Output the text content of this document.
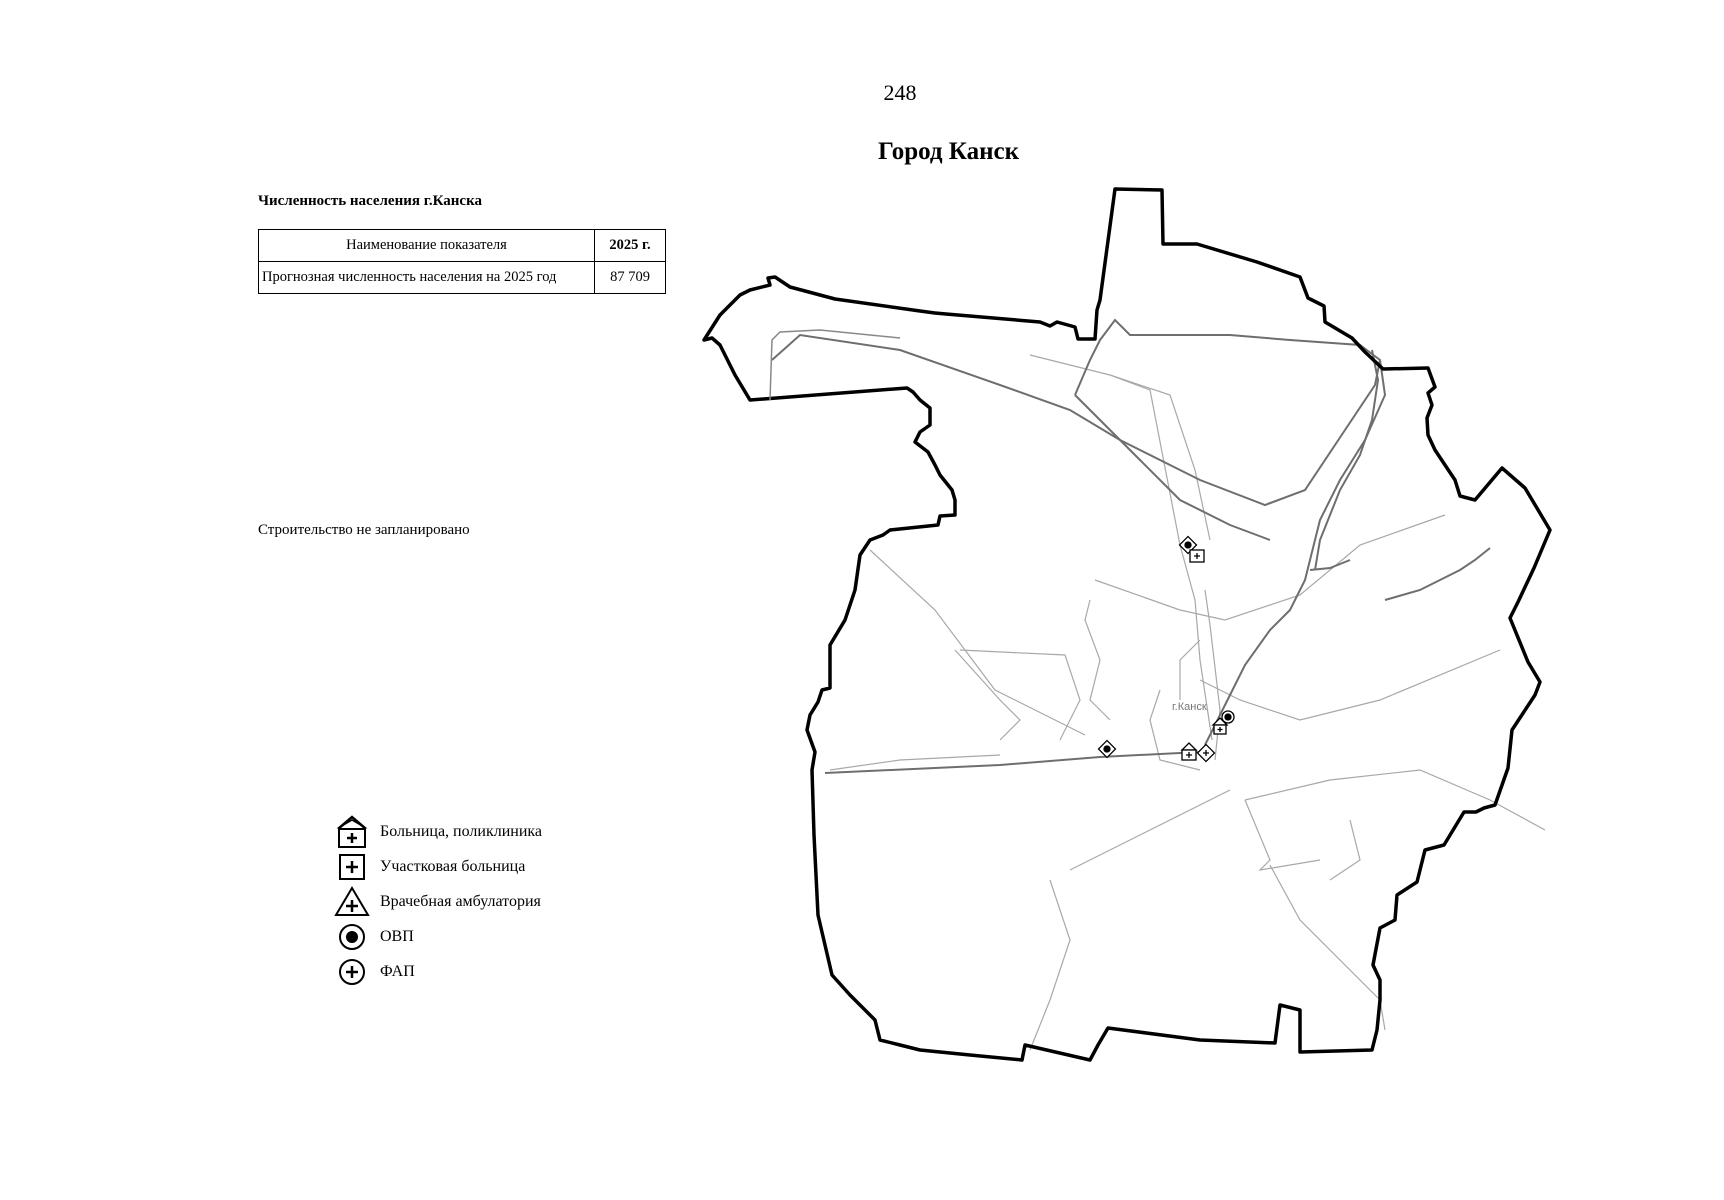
248
Город Канск
Численность населения г.Канска
Наименование показателя	2025 г.
Прогнозная численность населения на 2025 год	87 709
Строительство не запланировано
г.Канск
Больница, поликлиника
Участковая больница
Врачебная амбулатория
ОВП
ФАП
